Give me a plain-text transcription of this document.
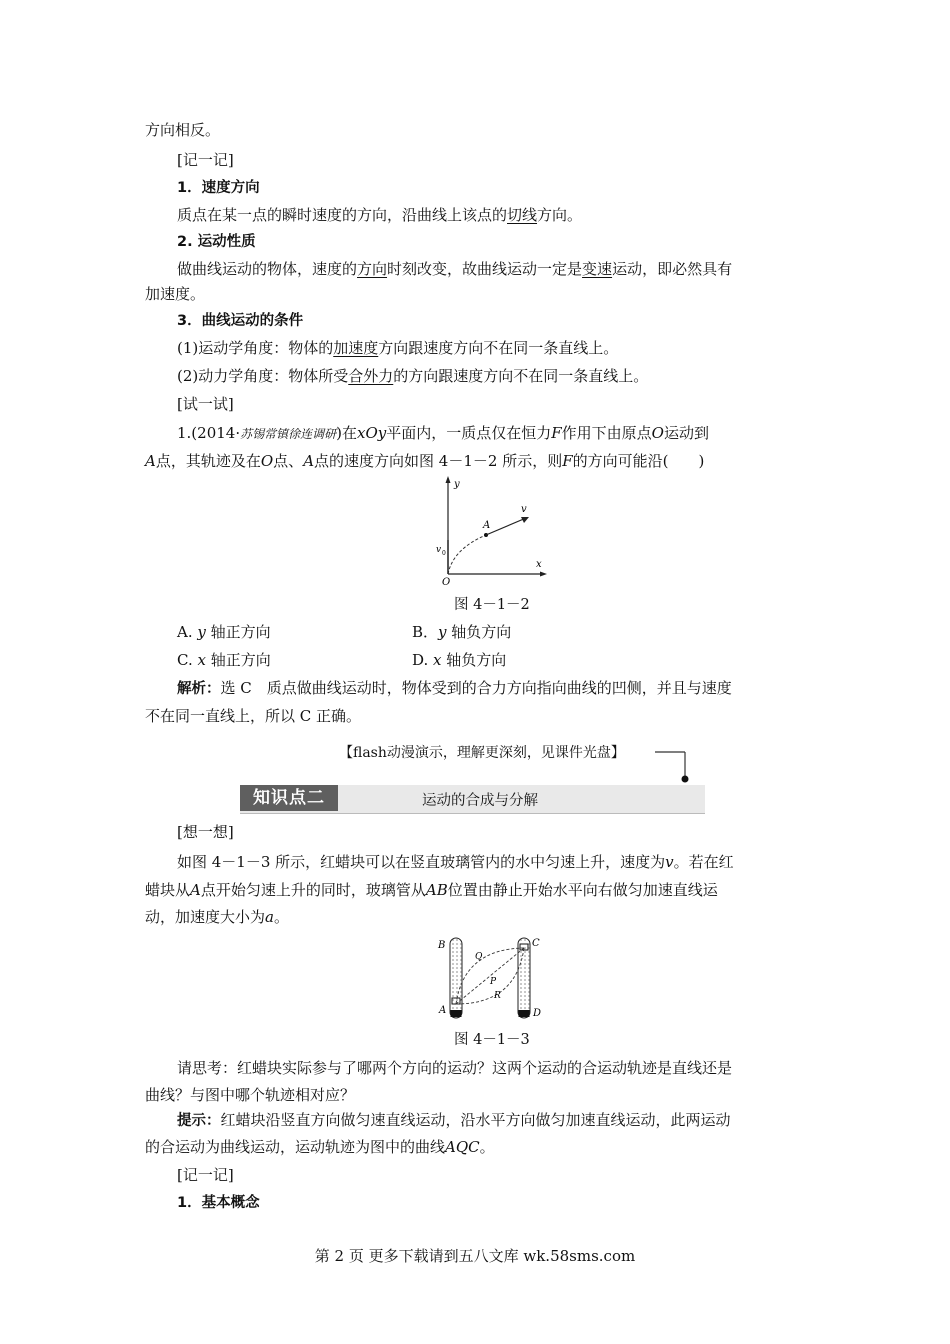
方向相反。
[记一记]
1．速度方向
质点在某一点的瞬时速度的方向，沿曲线上该点的切线方向。
2. 运动性质
做曲线运动的物体，速度的方向时刻改变，故曲线运动一定是变速运动，即必然具有
加速度。
3．曲线运动的条件
(1)运动学角度：物体的加速度方向跟速度方向不在同一条直线上。
(2)动力学角度：物体所受合外力的方向跟速度方向不在同一条直线上。
[试一试]
1.(2014·苏锡常镇徐连调研)在xOy平面内，一质点仅在恒力F作用下由原点O运动到
A点，其轨迹及在O点、A点的速度方向如图 4－1－2 所示，则F的方向可能沿(　　)
y
x
O
A
v
v 0
图 4－1－2
A. y 轴正方向	B．y 轴负方向
C. x 轴正方向	D. x 轴负方向
解析：选 C　质点做曲线运动时，物体受到的合力方向指向曲线的凹侧，并且与速度
不在同一直线上，所以 C 正确。
【flash动漫演示，理解更深刻，见课件光盘】
知识点二	运动的合成与分解
[想一想]
如图 4－1－3 所示，红蜡块可以在竖直玻璃管内的水中匀速上升，速度为v。若在红
蜡块从A点开始匀速上升的同时，玻璃管从AB位置由静止开始水平向右做匀加速直线运
动，加速度大小为a。
B	C
A	D
Q
P
R
图 4－1－3
请思考：红蜡块实际参与了哪两个方向的运动？这两个运动的合运动轨迹是直线还是
曲线？与图中哪个轨迹相对应？
提示：红蜡块沿竖直方向做匀速直线运动，沿水平方向做匀加速直线运动，此两运动
的合运动为曲线运动，运动轨迹为图中的曲线AQC。
[记一记]
1．基本概念
第 2 页 更多下载请到五八文库 wk.58sms.com
